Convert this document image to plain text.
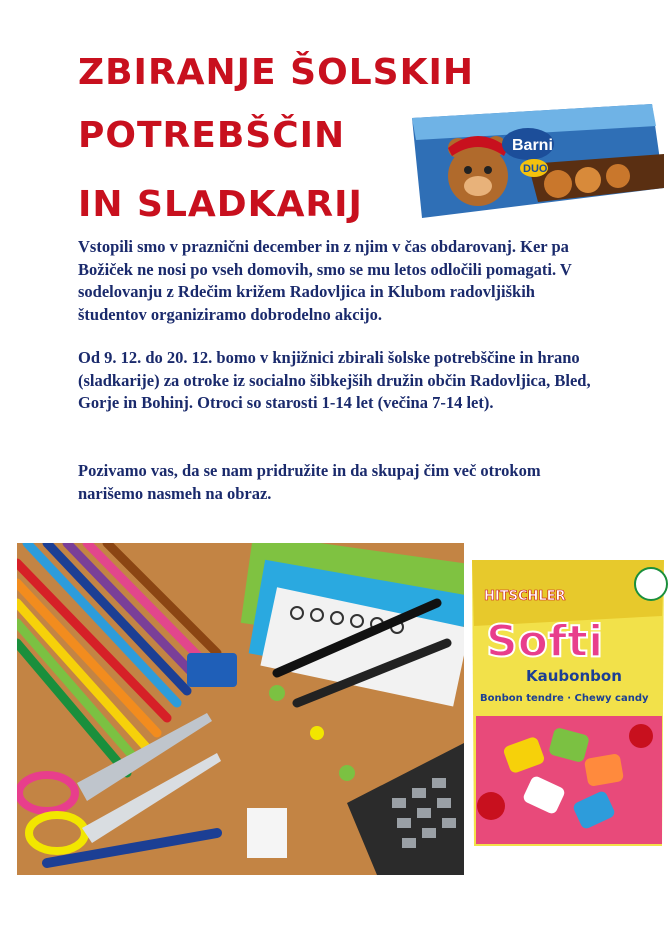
ZBIRANJE ŠOLSKIH
POTREBŠČIN
IN SLADKARIJ
Barni
DUO

Vstopili smo v praznični december in z njim v čas obdarovanj. Ker pa Božiček ne nosi po vseh domovih, smo se mu letos odločili pomagati. V sodelovanju z Rdečim križem Radovljica in Klubom radovljiških študentov organiziramo dobrodelno akcijo.

Od 9. 12. do 20. 12. bomo v knjižnici zbirali šolske potrebščine in hrano (sladkarije) za otroke iz socialno šibkejših družin občin Radovljica, Bled, Gorje in Bohinj. Otroci so starosti 1-14 let (večina 7-14 let).

Pozivamo vas, da se nam pridružite in da skupaj čim več otrokom narišemo nasmeh na obraz.

HITSCHLER
Softi
Kaubonbon
Bonbon tendre · Chewy candy
